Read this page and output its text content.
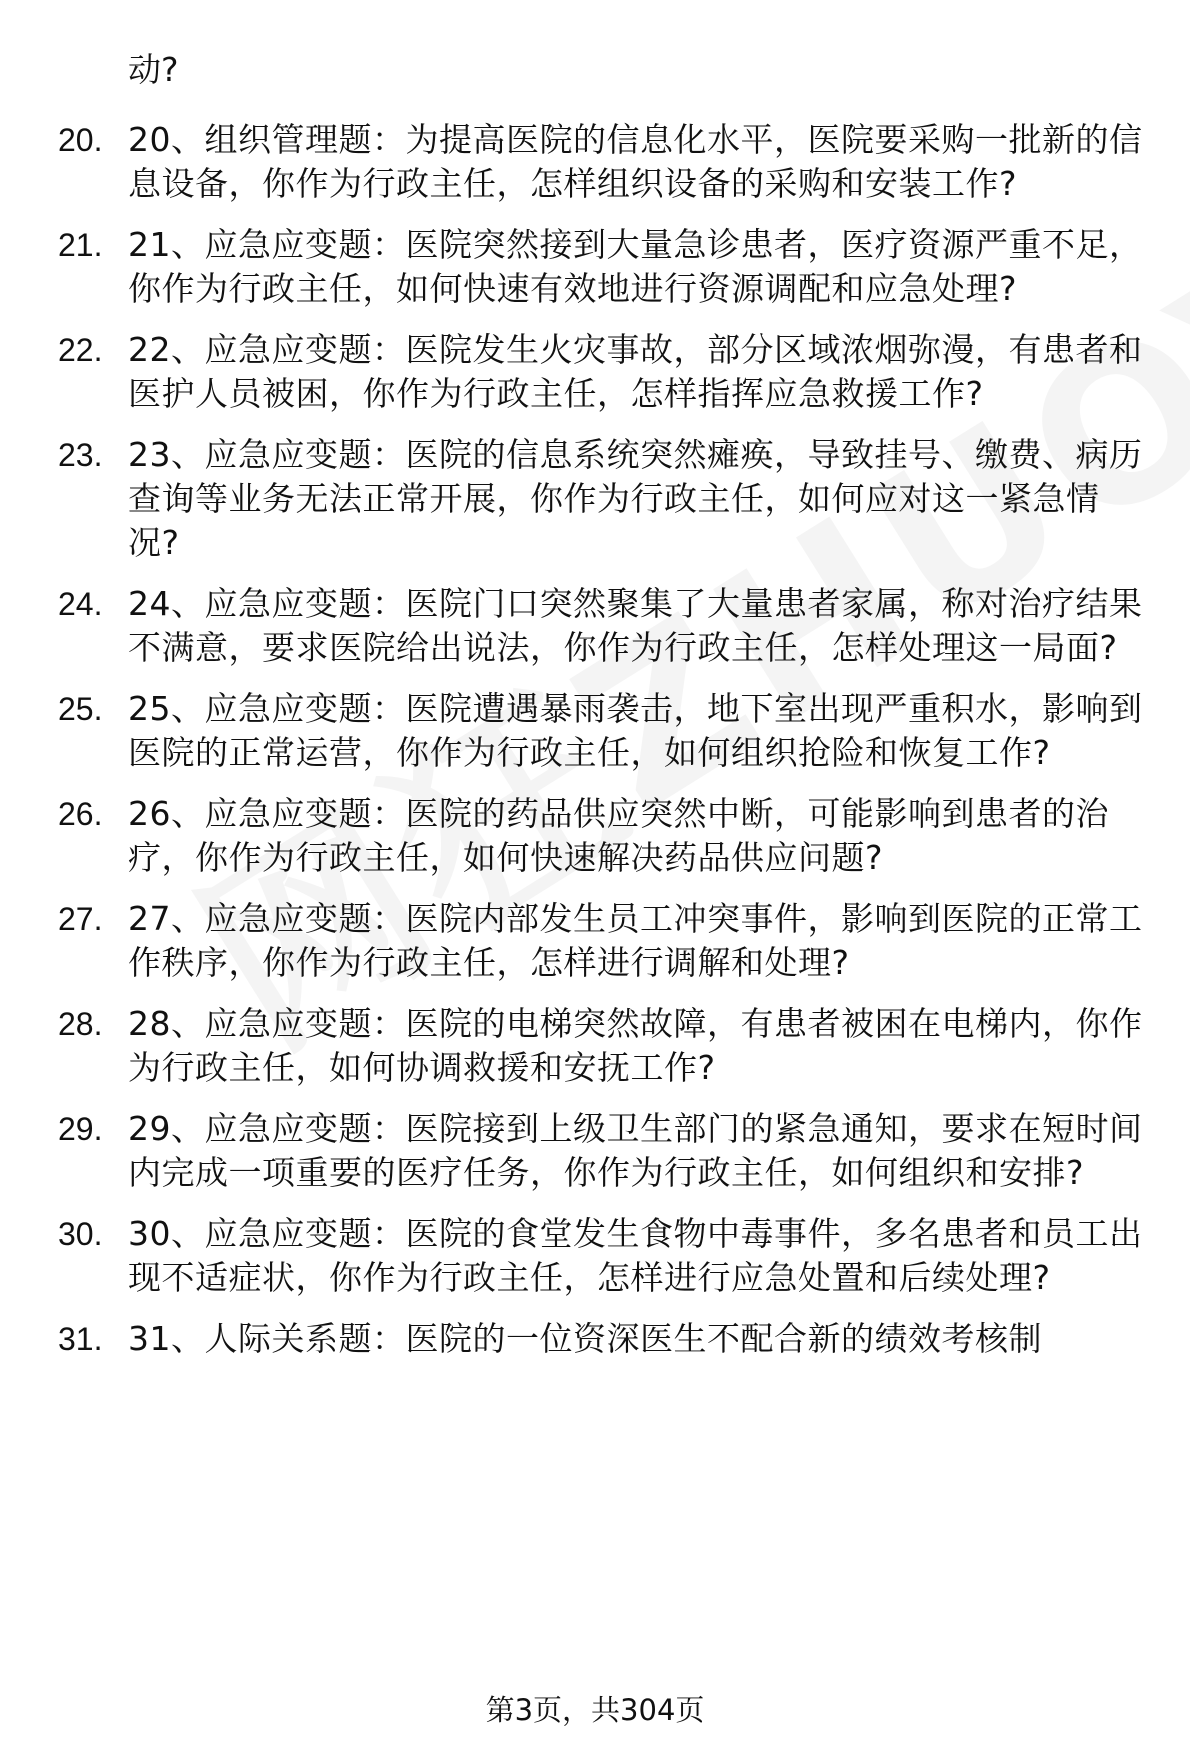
动?
20. 20、组织管理题：为提高医院的信息化水平，医院要采购一批新的信息设备，你作为行政主任，怎样组织设备的采购和安装工作?
21. 21、应急应变题：医院突然接到大量急诊患者，医疗资源严重不足，你作为行政主任，如何快速有效地进行资源调配和应急处理?
22. 22、应急应变题：医院发生火灾事故，部分区域浓烟弥漫，有患者和医护人员被困，你作为行政主任，怎样指挥应急救援工作?
23. 23、应急应变题：医院的信息系统突然瘫痪，导致挂号、缴费、病历查询等业务无法正常开展，你作为行政主任，如何应对这一紧急情况?
24. 24、应急应变题：医院门口突然聚集了大量患者家属，称对治疗结果不满意，要求医院给出说法，你作为行政主任，怎样处理这一局面?
25. 25、应急应变题：医院遭遇暴雨袭击，地下室出现严重积水，影响到医院的正常运营，你作为行政主任，如何组织抢险和恢复工作?
26. 26、应急应变题：医院的药品供应突然中断，可能影响到患者的治疗，你作为行政主任，如何快速解决药品供应问题?
27. 27、应急应变题：医院内部发生员工冲突事件，影响到医院的正常工作秩序，你作为行政主任，怎样进行调解和处理?
28. 28、应急应变题：医院的电梯突然故障，有患者被困在电梯内，你作为行政主任，如何协调救援和安抚工作?
29. 29、应急应变题：医院接到上级卫生部门的紧急通知，要求在短时间内完成一项重要的医疗任务，你作为行政主任，如何组织和安排?
30. 30、应急应变题：医院的食堂发生食物中毒事件，多名患者和员工出现不适症状，你作为行政主任，怎样进行应急处置和后续处理?
31. 31、人际关系题：医院的一位资深医生不配合新的绩效考核制
第3页，共304页
